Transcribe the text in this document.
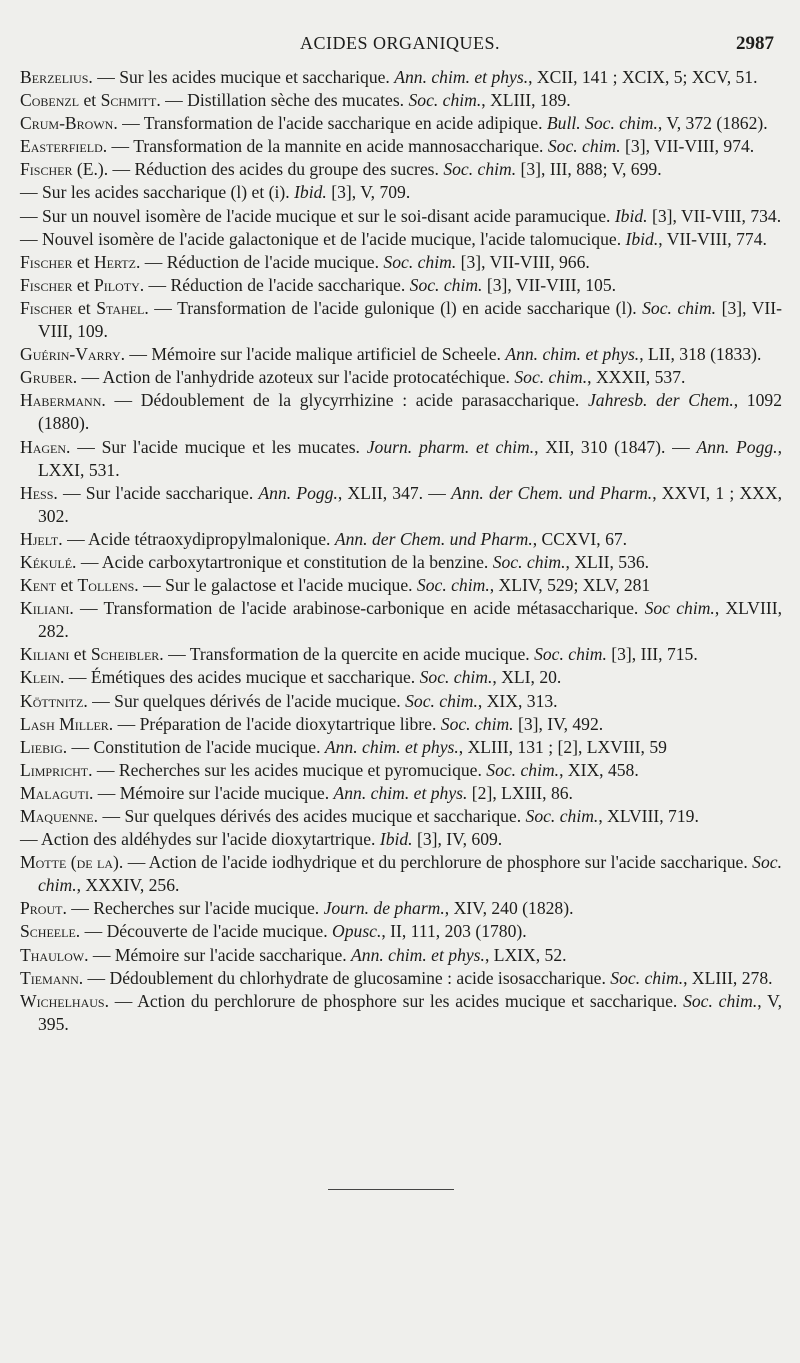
ACIDES ORGANIQUES.	2987

Berzelius. — Sur les acides mucique et saccharique. Ann. chim. et phys., XCII, 141 ; XCIX, 5; XCV, 51.

Cobenzl et Schmitt. — Distillation sèche des mucates. Soc. chim., XLIII, 189.

Crum-Brown. — Transformation de l'acide saccharique en acide adipique. Bull. Soc. chim., V, 372 (1862).

Easterfield. — Transformation de la mannite en acide mannosaccharique. Soc. chim. [3], VII-VIII, 974.

Fischer (E.). — Réduction des acides du groupe des sucres. Soc. chim. [3], III, 888; V, 699.

— Sur les acides saccharique (l) et (i). Ibid. [3], V, 709.

— Sur un nouvel isomère de l'acide mucique et sur le soi-disant acide paramucique. Ibid. [3], VII-VIII, 734.

— Nouvel isomère de l'acide galactonique et de l'acide mucique, l'acide talomucique. Ibid., VII-VIII, 774.

Fischer et Hertz. — Réduction de l'acide mucique. Soc. chim. [3], VII-VIII, 966.

Fischer et Piloty. — Réduction de l'acide saccharique. Soc. chim. [3], VII-VIII, 105.

Fischer et Stahel. — Transformation de l'acide gulonique (l) en acide saccharique (l). Soc. chim. [3], VII-VIII, 109.

Guérin-Varry. — Mémoire sur l'acide malique artificiel de Scheele. Ann. chim. et phys., LII, 318 (1833).

Gruber. — Action de l'anhydride azoteux sur l'acide protocatéchique. Soc. chim., XXXII, 537.

Habermann. — Dédoublement de la glycyrrhizine : acide parasaccharique. Jahresb. der Chem., 1092 (1880).

Hagen. — Sur l'acide mucique et les mucates. Journ. pharm. et chim., XII, 310 (1847). — Ann. Pogg., LXXI, 531.

Hess. — Sur l'acide saccharique. Ann. Pogg., XLII, 347. — Ann. der Chem. und Pharm., XXVI, 1 ; XXX, 302.

Hjelt. — Acide tétraoxydipropylmalonique. Ann. der Chem. und Pharm., CCXVI, 67.

Kékulé. — Acide carboxytartronique et constitution de la benzine. Soc. chim., XLII, 536.

Kent et Tollens. — Sur le galactose et l'acide mucique. Soc. chim., XLIV, 529; XLV, 281

Kiliani. — Transformation de l'acide arabinose-carbonique en acide métasaccharique. Soc chim., XLVIII, 282.

Kiliani et Scheibler. — Transformation de la quercite en acide mucique. Soc. chim. [3], III, 715.

Klein. — Émétiques des acides mucique et saccharique. Soc. chim., XLI, 20.

Köttnitz. — Sur quelques dérivés de l'acide mucique. Soc. chim., XIX, 313.

Lash Miller. — Préparation de l'acide dioxytartrique libre. Soc. chim. [3], IV, 492.

Liebig. — Constitution de l'acide mucique. Ann. chim. et phys., XLIII, 131 ; [2], LXVIII, 59

Limpricht. — Recherches sur les acides mucique et pyromucique. Soc. chim., XIX, 458.

Malaguti. — Mémoire sur l'acide mucique. Ann. chim. et phys. [2], LXIII, 86.

Maquenne. — Sur quelques dérivés des acides mucique et saccharique. Soc. chim., XLVIII, 719.

— Action des aldéhydes sur l'acide dioxytartrique. Ibid. [3], IV, 609.

Motte (de la). — Action de l'acide iodhydrique et du perchlorure de phosphore sur l'acide saccharique. Soc. chim., XXXIV, 256.

Prout. — Recherches sur l'acide mucique. Journ. de pharm., XIV, 240 (1828).

Scheele. — Découverte de l'acide mucique. Opusc., II, 111, 203 (1780).

Thaulow. — Mémoire sur l'acide saccharique. Ann. chim. et phys., LXIX, 52.

Tiemann. — Dédoublement du chlorhydrate de glucosamine : acide isosaccharique. Soc. chim., XLIII, 278.

Wichelhaus. — Action du perchlorure de phosphore sur les acides mucique et saccharique. Soc. chim., V, 395.
